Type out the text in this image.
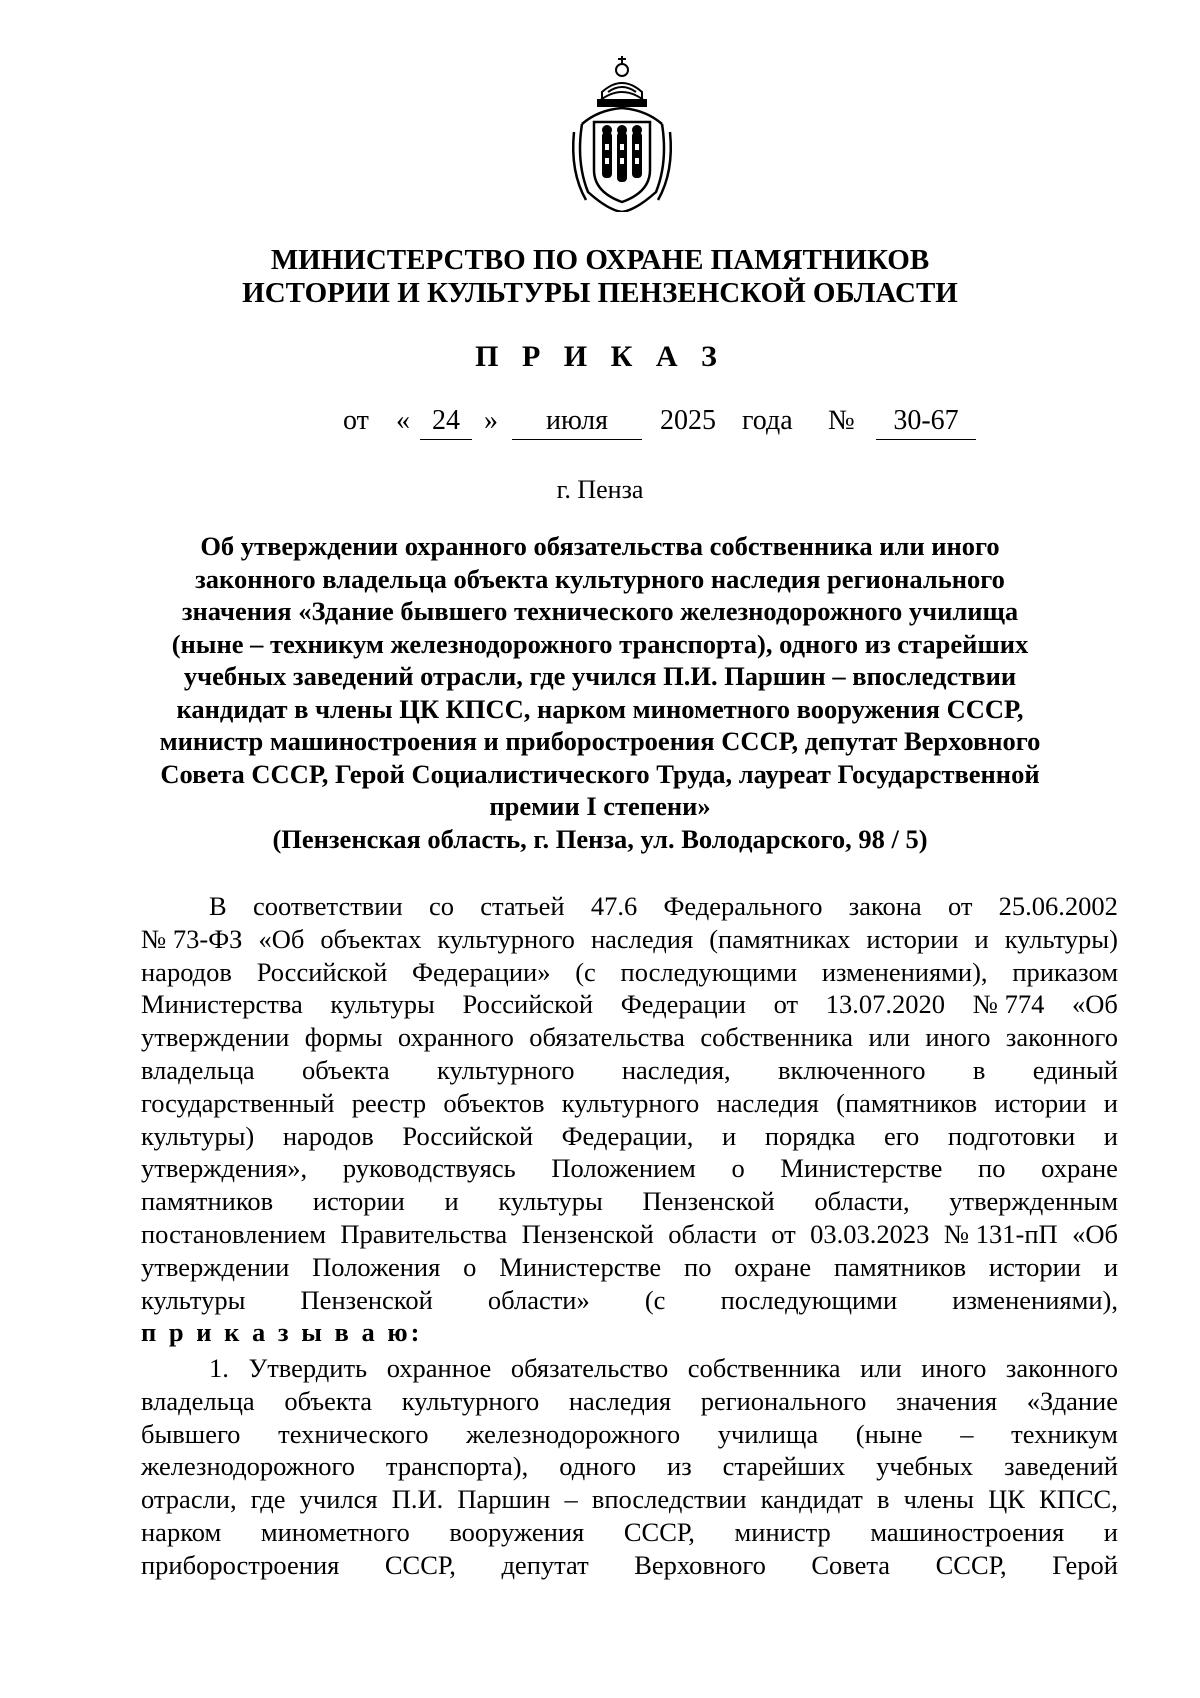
МИНИСТЕРСТВО ПО ОХРАНЕ ПАМЯТНИКОВ
ИСТОРИИ И КУЛЬТУРЫ ПЕНЗЕНСКОЙ ОБЛАСТИ
П Р И К А З
от « 24 »	июля	2025 года №	30-67
г. Пенза
Об утверждении охранного обязательства собственника или иного
законного владельца объекта культурного наследия регионального
значения «Здание бывшего технического железнодорожного училища
(ныне – техникум железнодорожного транспорта), одного из старейших
учебных заведений отрасли, где учился П.И. Паршин – впоследствии
кандидат в члены ЦК КПСС, нарком минометного вооружения СССР,
министр машиностроения и приборостроения СССР, депутат Верховного
Совета СССР, Герой Социалистического Труда, лауреат Государственной
премии I степени»
(Пензенская область, г. Пенза, ул. Володарского, 98 / 5)
В соответствии со статьей 47.6 Федерального закона от 25.06.2002
№ 73-ФЗ «Об объектах культурного наследия (памятниках истории и культуры)
народов Российской Федерации» (с последующими изменениями), приказом
Министерства культуры Российской Федерации от 13.07.2020 № 774 «Об
утверждении формы охранного обязательства собственника или иного законного
владельца объекта культурного наследия, включенного в единый
государственный реестр объектов культурного наследия (памятников истории и
культуры) народов Российской Федерации, и порядка его подготовки и
утверждения», руководствуясь Положением о Министерстве по охране
памятников истории и культуры Пензенской области, утвержденным
постановлением Правительства Пензенской области от 03.03.2023 № 131-пП «Об
утверждении Положения о Министерстве по охране памятников истории и
культуры Пензенской области» (с последующими изменениями),
п р и к а з ы в а ю:
1. Утвердить охранное обязательство собственника или иного законного
владельца объекта культурного наследия регионального значения «Здание
бывшего технического железнодорожного училища (ныне – техникум
железнодорожного транспорта), одного из старейших учебных заведений
отрасли, где учился П.И. Паршин – впоследствии кандидат в члены ЦК КПСС,
нарком минометного вооружения СССР, министр машиностроения и
приборостроения СССР, депутат Верховного Совета СССР, Герой
